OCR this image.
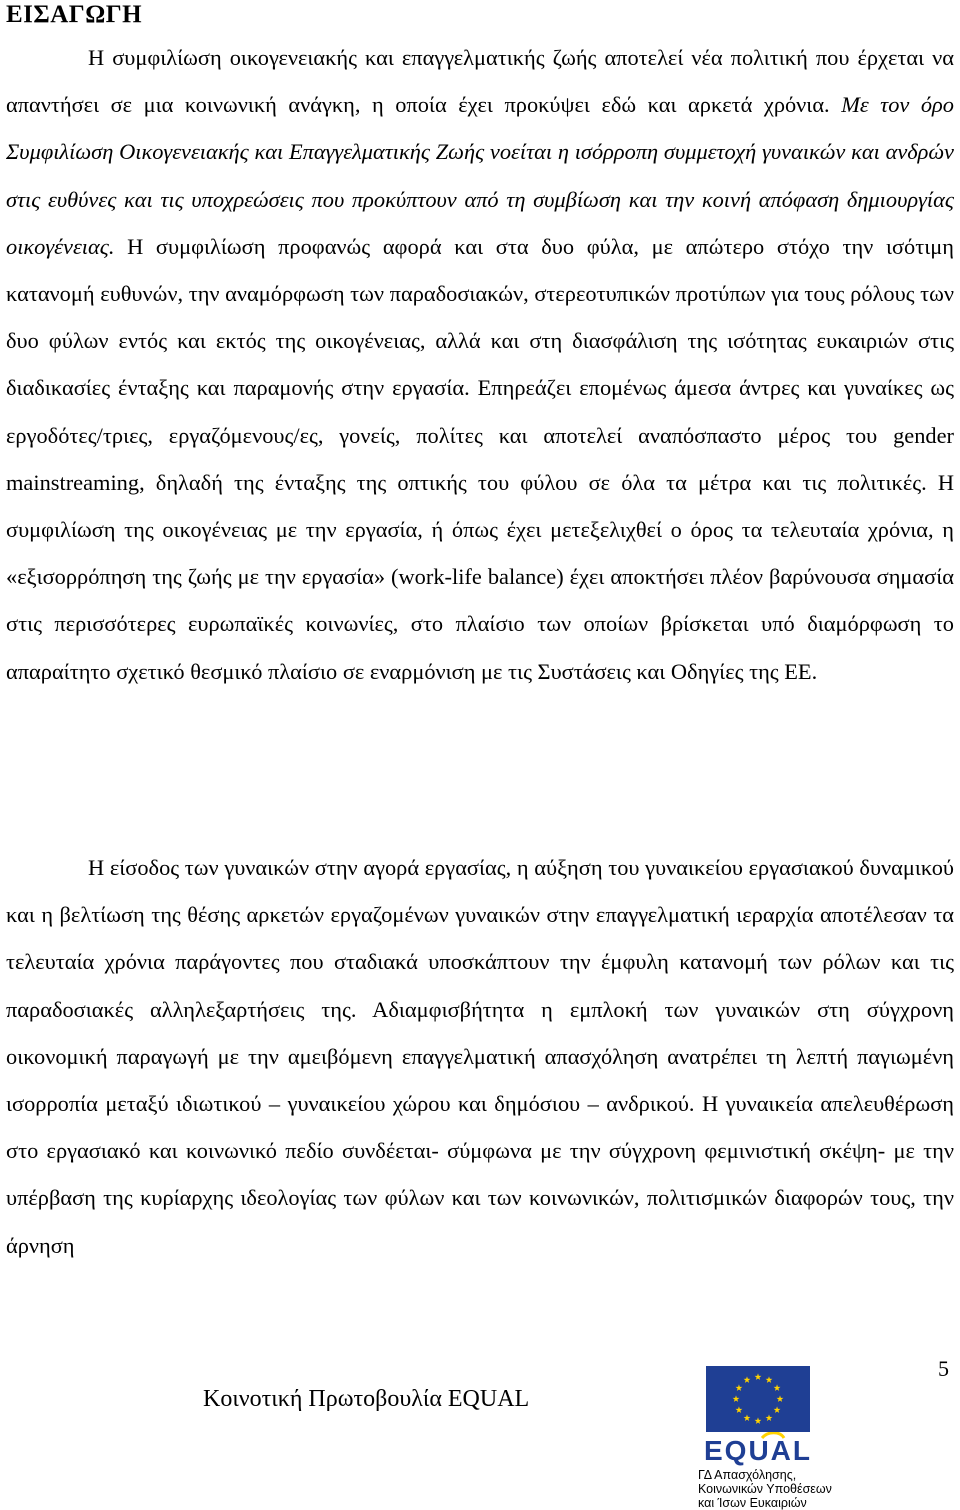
ΕΙΣΑΓΩΓΗ

Η συμφιλίωση οικογενειακής και επαγγελματικής ζωής αποτελεί νέα πολιτική που έρχεται να απαντήσει σε μια κοινωνική ανάγκη, η οποία έχει προκύψει εδώ και αρκετά χρόνια. Με τον όρο Συμφιλίωση Οικογενειακής και Επαγγελματικής Ζωής νοείται η ισόρροπη συμμετοχή γυναικών και ανδρών στις ευθύνες και τις υποχρεώσεις που προκύπτουν από τη συμβίωση και την κοινή απόφαση δημιουργίας οικογένειας. Η συμφιλίωση προφανώς αφορά και στα δυο φύλα, με απώτερο στόχο την ισότιμη κατανομή ευθυνών, την αναμόρφωση των παραδοσιακών, στερεοτυπικών προτύπων για τους ρόλους των δυο φύλων εντός και εκτός της οικογένειας, αλλά και στη διασφάλιση της ισότητας ευκαιριών στις διαδικασίες ένταξης και παραμονής στην εργασία. Επηρεάζει επομένως άμεσα άντρες και γυναίκες ως εργοδότες/τριες, εργαζόμενους/ες, γονείς, πολίτες και αποτελεί αναπόσπαστο μέρος του gender mainstreaming, δηλαδή της ένταξης της οπτικής του φύλου σε όλα τα μέτρα και τις πολιτικές. Η συμφιλίωση της οικογένειας με την εργασία, ή όπως έχει μετεξελιχθεί ο όρος τα τελευταία χρόνια, η «εξισορρόπηση της ζωής με την εργασία» (work-life balance) έχει αποκτήσει πλέον βαρύνουσα σημασία στις περισσότερες ευρωπαϊκές κοινωνίες, στο πλαίσιο των οποίων βρίσκεται υπό διαμόρφωση το απαραίτητο σχετικό θεσμικό πλαίσιο σε εναρμόνιση με τις Συστάσεις και Οδηγίες της ΕΕ.

Η είσοδος των γυναικών στην αγορά εργασίας, η αύξηση του γυναικείου εργασιακού δυναμικού και η βελτίωση της θέσης αρκετών εργαζομένων γυναικών στην επαγγελματική ιεραρχία αποτέλεσαν τα τελευταία χρόνια παράγοντες που σταδιακά υποσκάπτουν την έμφυλη κατανομή των ρόλων και τις παραδοσιακές αλληλεξαρτήσεις της. Αδιαμφισβήτητα η εμπλοκή των γυναικών στη σύγχρονη οικονομική παραγωγή με την αμειβόμενη επαγγελματική απασχόληση ανατρέπει τη λεπτή παγιωμένη ισορροπία μεταξύ ιδιωτικού – γυναικείου χώρου και δημόσιου – ανδρικού. Η γυναικεία απελευθέρωση στο εργασιακό και κοινωνικό πεδίο συνδέεται- σύμφωνα με την σύγχρονη φεμινιστική σκέψη- με την υπέρβαση της κυρίαρχης ιδεολογίας των φύλων και των κοινωνικών, πολιτισμικών διαφορών τους, την άρνηση

5
Κοινοτική Πρωτοβουλία EQUAL
EQUAL
ΓΔ Απασχόλησης,
Κοινωνικών Υποθέσεων
και Ίσων Ευκαιριών
